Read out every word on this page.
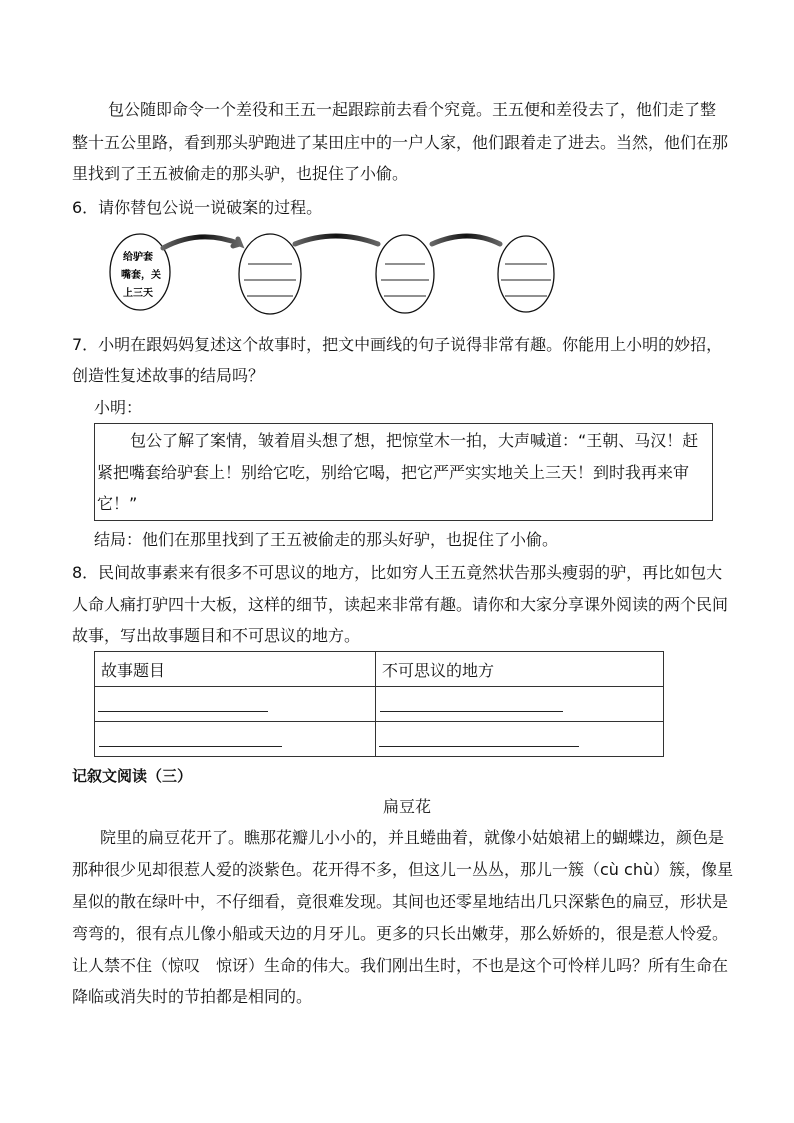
包公随即命令一个差役和王五一起跟踪前去看个究竟。王五便和差役去了，他们走了整
整十五公里路，看到那头驴跑进了某田庄中的一户人家，他们跟着走了进去。当然，他们在那
里找到了王五被偷走的那头驴，也捉住了小偷。
6．请你替包公说一说破案的过程。
给驴套
嘴套，关
上三天
7．小明在跟妈妈复述这个故事时，把文中画线的句子说得非常有趣。你能用上小明的妙招，
创造性复述故事的结局吗？
小明：
包公了解了案情，皱着眉头想了想，把惊堂木一拍，大声喊道：“王朝、马汉！赶
紧把嘴套给驴套上！别给它吃，别给它喝，把它严严实实地关上三天！到时我再来审
它！”
结局：他们在那里找到了王五被偷走的那头好驴，也捉住了小偷。
8．民间故事素来有很多不可思议的地方，比如穷人王五竟然状告那头瘦弱的驴，再比如包大
人命人痛打驴四十大板，这样的细节，读起来非常有趣。请你和大家分享课外阅读的两个民间
故事，写出故事题目和不可思议的地方。
故事题目	不可思议的地方

记叙文阅读（三）
扁豆花
院里的扁豆花开了。瞧那花瓣儿小小的，并且蜷曲着，就像小姑娘裙上的蝴蝶边，颜色是
那种很少见却很惹人爱的淡紫色。花开得不多，但这儿一丛丛，那儿一簇（cù chù）簇，像星
星似的散在绿叶中，不仔细看，竟很难发现。其间也还零星地结出几只深紫色的扁豆，形状是
弯弯的，很有点儿像小船或天边的月牙儿。更多的只长出嫩芽，那么娇娇的，很是惹人怜爱。
让人禁不住（惊叹　惊讶）生命的伟大。我们刚出生时，不也是这个可怜样儿吗？所有生命在
降临或消失时的节拍都是相同的。
